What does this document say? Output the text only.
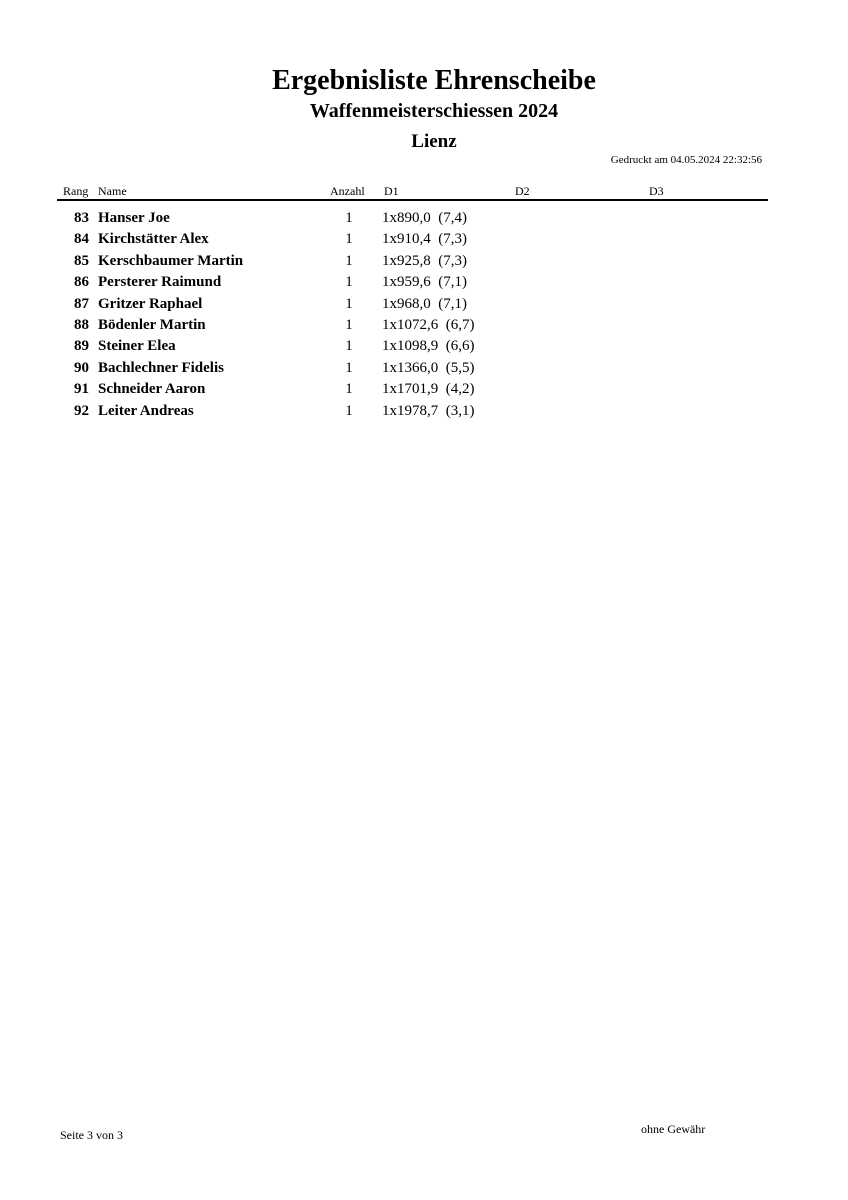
Ergebnisliste Ehrenscheibe
Waffenmeisterschiessen 2024
Lienz
Gedruckt am 04.05.2024 22:32:56
Rang Name	Anzahl D1	D2	D3
83 Hanser Joe	1	1x890,0  (7,4)
84 Kirchstätter Alex	1	1x910,4  (7,3)
85 Kerschbaumer Martin	1	1x925,8  (7,3)
86 Persterer Raimund	1	1x959,6  (7,1)
87 Gritzer Raphael	1	1x968,0  (7,1)
88 Bödenler Martin	1	1x1072,6  (6,7)
89 Steiner Elea	1	1x1098,9  (6,6)
90 Bachlechner Fidelis	1	1x1366,0  (5,5)
91 Schneider Aaron	1	1x1701,9  (4,2)
92 Leiter Andreas	1	1x1978,7  (3,1)
Seite 3 von 3	ohne Gewähr
